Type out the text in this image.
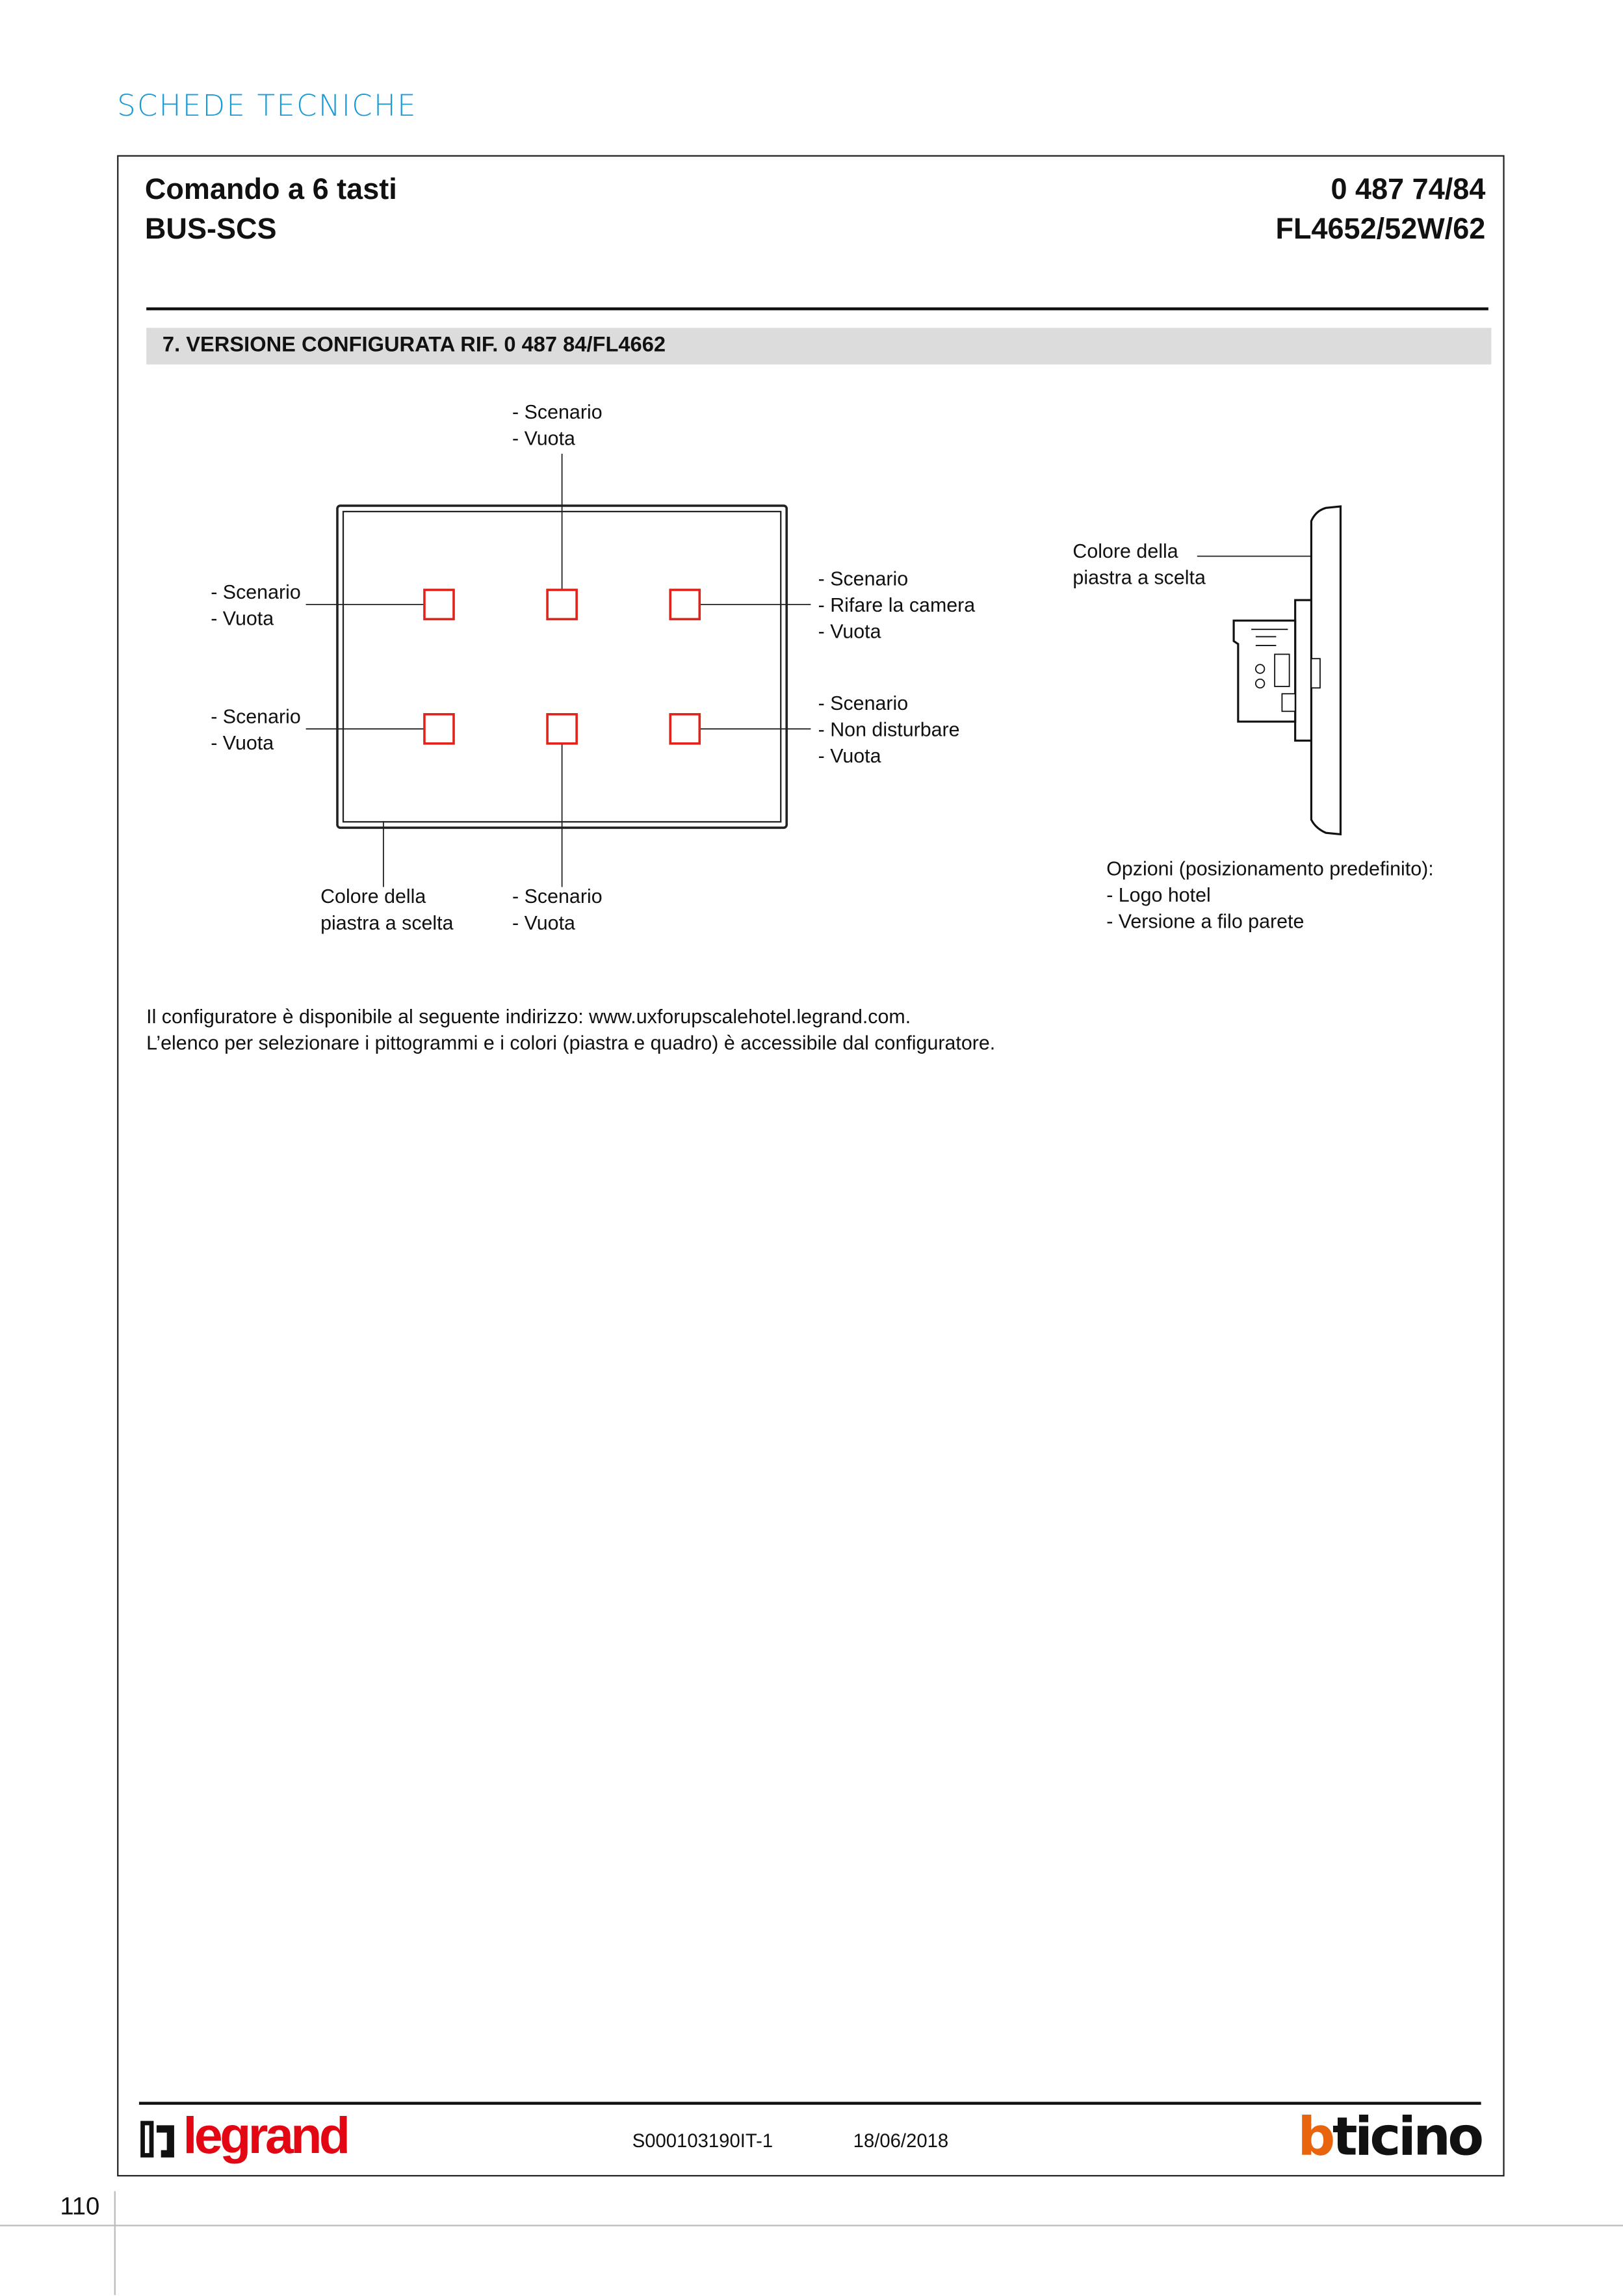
SCHEDE TECNICHE
Comando a 6 tasti
BUS-SCS
0 487 74/84
FL4652/52W/62
7. VERSIONE CONFIGURATA RIF. 0 487 84/FL4662
- Scenario
- Vuota
- Scenario
- Vuota
- Scenario
- Vuota
- Scenario
- Rifare la camera
- Vuota
- Scenario
- Non disturbare
- Vuota
Colore della
piastra a scelta
- Scenario
- Vuota
Colore della
piastra a scelta
Opzioni (posizionamento predefinito):
- Logo hotel
- Versione a filo parete
Il configuratore è disponibile al seguente indirizzo: www.uxforupscalehotel.legrand.com.
L’elenco per selezionare i pittogrammi e i colori (piastra e quadro) è accessibile dal configuratore.
legrand	S000103190IT-1	18/06/2018	bticino
110
